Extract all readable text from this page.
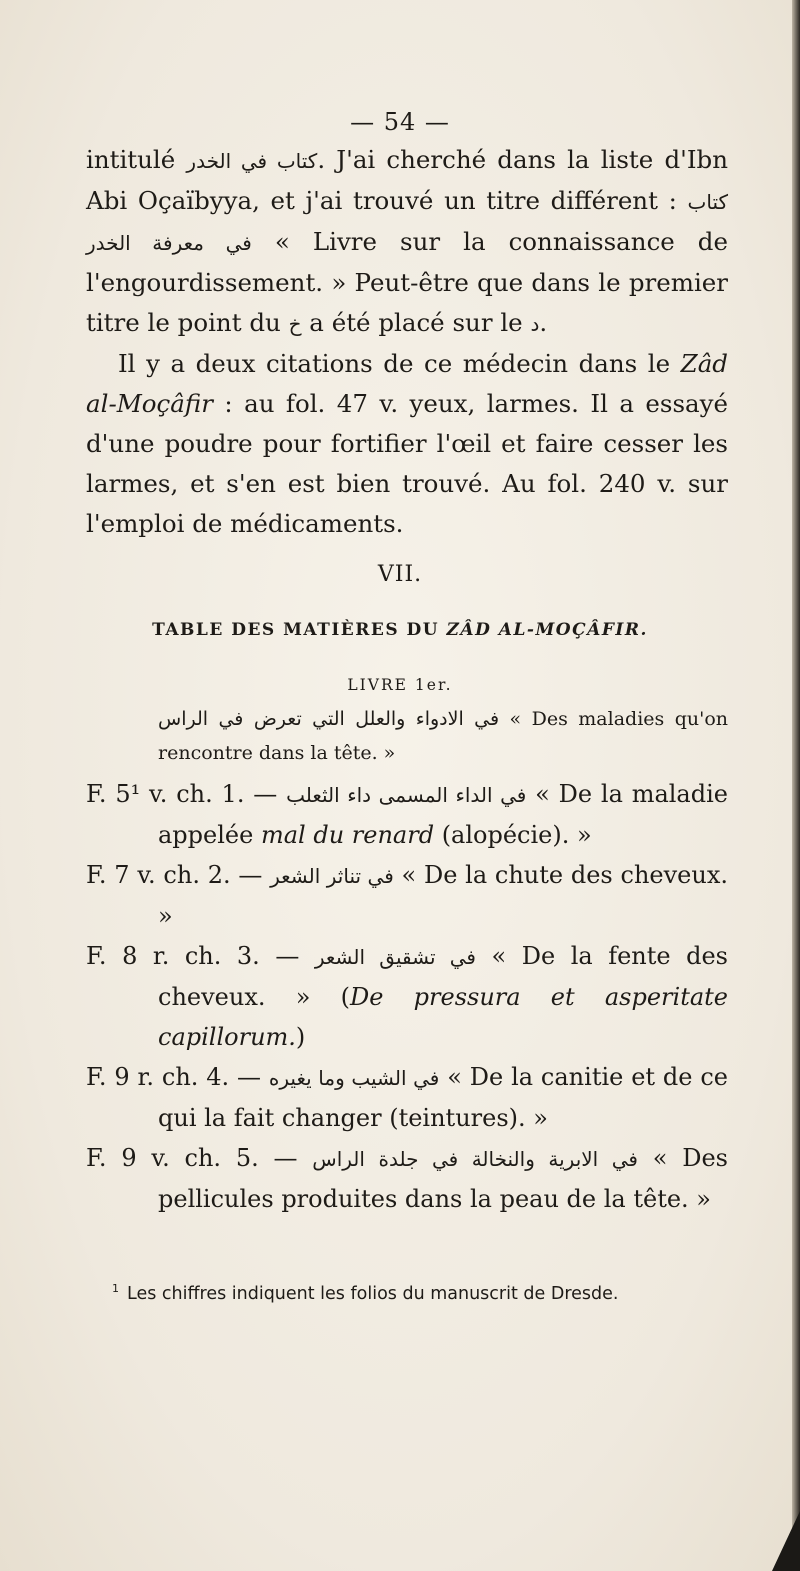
— 54 —

intitulé كتاب في الخدر. J'ai cherché dans la liste d'Ibn Abi Oçaïbyya, et j'ai trouvé un titre différent : كتاب في معرفة الخدر « Livre sur la connaissance de l'engourdissement. » Peut-être que dans le premier titre le point du خ a été placé sur le د.

Il y a deux citations de ce médecin dans le Zâd al-Moçâfir : au fol. 47 v. yeux, larmes. Il a essayé d'une poudre pour fortifier l'œil et faire cesser les larmes, et s'en est bien trouvé. Au fol. 240 v. sur l'emploi de médicaments.

VII.
TABLE DES MATIÈRES DU ZÂD AL-MOÇÂFIR.
LIVRE 1er.

في الادواء والعلل التي تعرض في الراس « Des maladies qu'on rencontre dans la tête. »

F. 5¹ v. ch. 1. — في الداء المسمى داء الثعلب « De la maladie appelée mal du renard (alopécie). »

F. 7 v. ch. 2. — في تناثر الشعر « De la chute des cheveux. »

F. 8 r. ch. 3. — في تشقيق الشعر « De la fente des cheveux. » (De pressura et asperitate capillorum.)

F. 9 r. ch. 4. — في الشيب وما يغيره « De la canitie et de ce qui la fait changer (teintures). »

F. 9 v. ch. 5. — في الابرية والنخالة في جلدة الراس « Des pellicules produites dans la peau de la tête. »

$^1$ Les chiffres indiquent les folios du manuscrit de Dresde.
